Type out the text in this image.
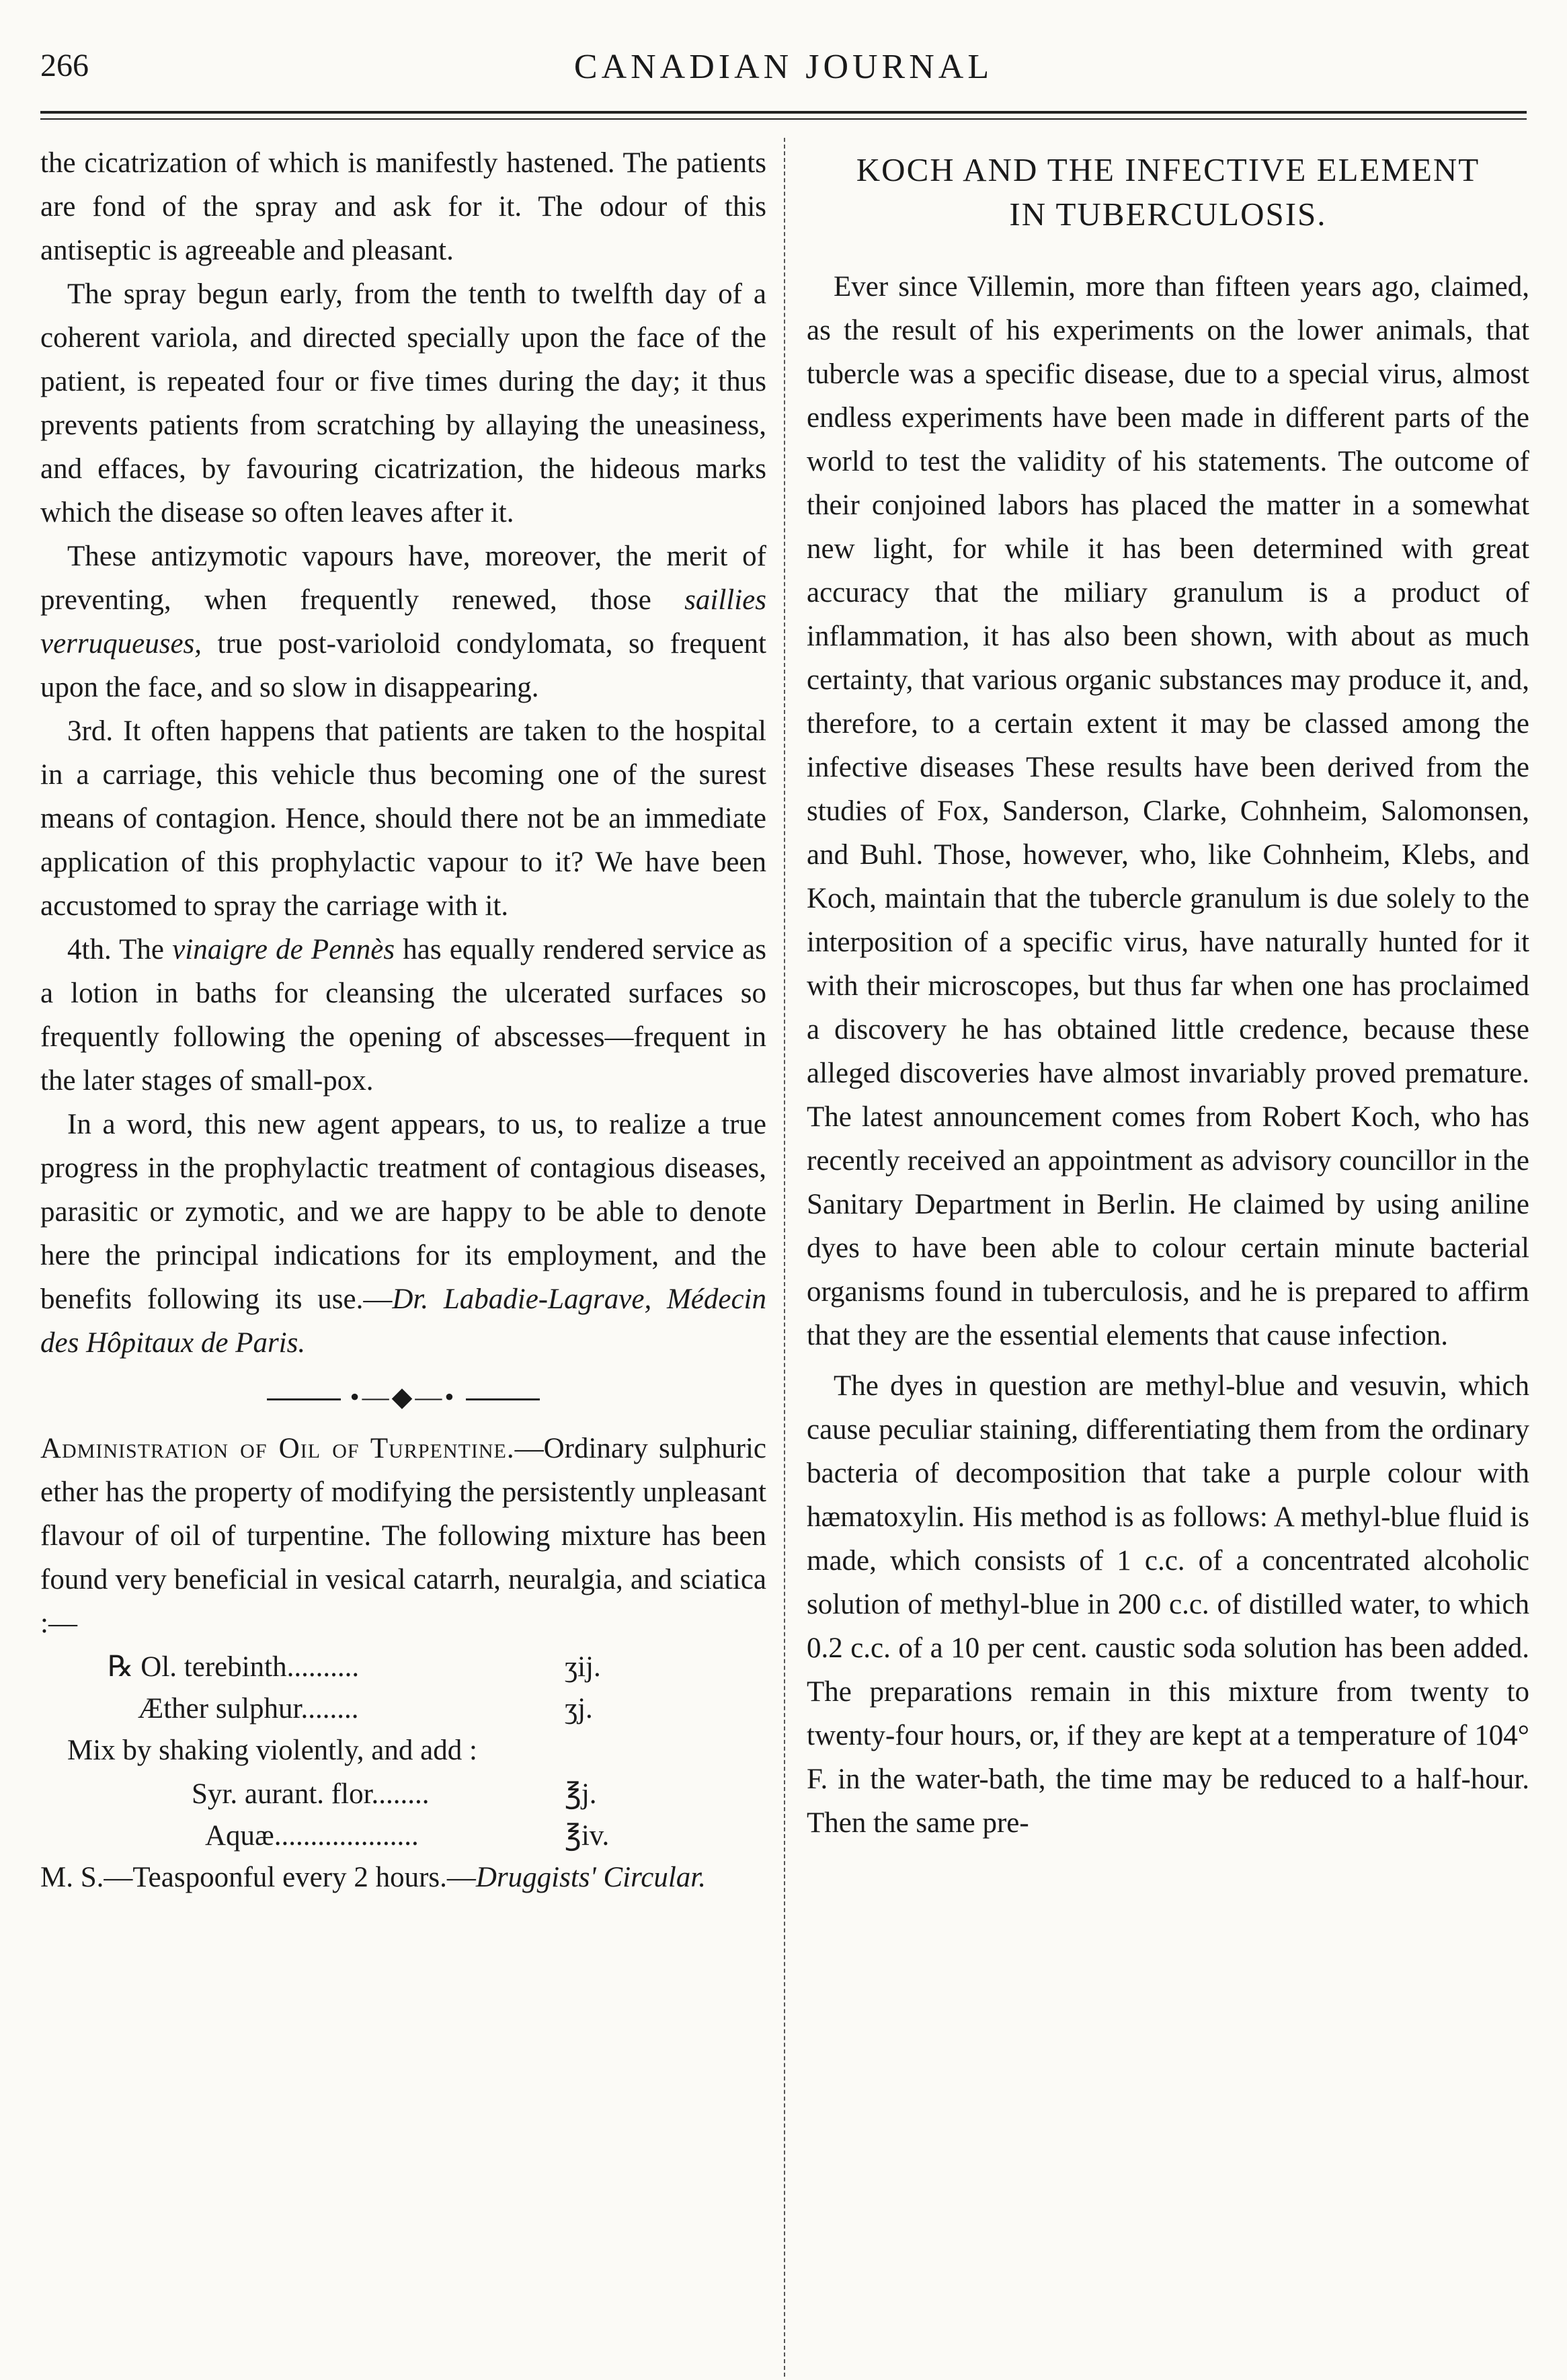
266	CANADIAN JOURNAL

the cicatrization of which is manifestly hastened. The patients are fond of the spray and ask for it. The odour of this antiseptic is agreeable and pleasant.

The spray begun early, from the tenth to twelfth day of a coherent variola, and directed specially upon the face of the patient, is repeated four or five times during the day; it thus prevents patients from scratching by allaying the uneasiness, and effaces, by favouring cicatrization, the hideous marks which the disease so often leaves after it.

These antizymotic vapours have, moreover, the merit of preventing, when frequently renewed, those saillies verruqueuses, true post-varioloid condylomata, so frequent upon the face, and so slow in disappearing.

3rd. It often happens that patients are taken to the hospital in a carriage, this vehicle thus becoming one of the surest means of contagion. Hence, should there not be an immediate application of this prophylactic vapour to it? We have been accustomed to spray the carriage with it.

4th. The vinaigre de Pennès has equally rendered service as a lotion in baths for cleansing the ulcerated surfaces so frequently following the opening of abscesses—frequent in the later stages of small-pox.

In a word, this new agent appears, to us, to realize a true progress in the prophylactic treatment of contagious diseases, parasitic or zymotic, and we are happy to be able to denote here the principal indications for its employment, and the benefits following its use.—Dr. Labadie-Lagrave, Médecin des Hôpitaux de Paris.

•—◆—•

Administration of Oil of Turpentine.—Ordinary sulphuric ether has the property of modifying the persistently unpleasant flavour of oil of turpentine. The following mixture has been found very beneficial in vesical catarrh, neuralgia, and sciatica :—

℞ Ol. terebinth..........	ʒij.
Æther sulphur........	ʒj.

Mix by shaking violently, and add :

Syr. aurant. flor........	℥j.
Aquæ....................	℥iv.

M. S.—Teaspoonful every 2 hours.—Druggists' Circular.

KOCH AND THE INFECTIVE ELEMENT
IN TUBERCULOSIS.

Ever since Villemin, more than fifteen years ago, claimed, as the result of his experiments on the lower animals, that tubercle was a specific disease, due to a special virus, almost endless experiments have been made in different parts of the world to test the validity of his statements. The outcome of their conjoined labors has placed the matter in a somewhat new light, for while it has been determined with great accuracy that the miliary granulum is a product of inflammation, it has also been shown, with about as much certainty, that various organic substances may produce it, and, therefore, to a certain extent it may be classed among the infective diseases These results have been derived from the studies of Fox, Sanderson, Clarke, Cohnheim, Salomonsen, and Buhl. Those, however, who, like Cohnheim, Klebs, and Koch, maintain that the tubercle granulum is due solely to the interposition of a specific virus, have naturally hunted for it with their microscopes, but thus far when one has proclaimed a discovery he has obtained little credence, because these alleged discoveries have almost invariably proved premature. The latest announcement comes from Robert Koch, who has recently received an appointment as advisory councillor in the Sanitary Department in Berlin. He claimed by using aniline dyes to have been able to colour certain minute bacterial organisms found in tuberculosis, and he is prepared to affirm that they are the essential elements that cause infection.

The dyes in question are methyl-blue and vesuvin, which cause peculiar staining, differentiating them from the ordinary bacteria of decomposition that take a purple colour with hæmatoxylin. His method is as follows: A methyl-blue fluid is made, which consists of 1 c.c. of a concentrated alcoholic solution of methyl-blue in 200 c.c. of distilled water, to which 0.2 c.c. of a 10 per cent. caustic soda solution has been added. The preparations remain in this mixture from twenty to twenty-four hours, or, if they are kept at a temperature of 104° F. in the water-bath, the time may be reduced to a half-hour. Then the same pre-
